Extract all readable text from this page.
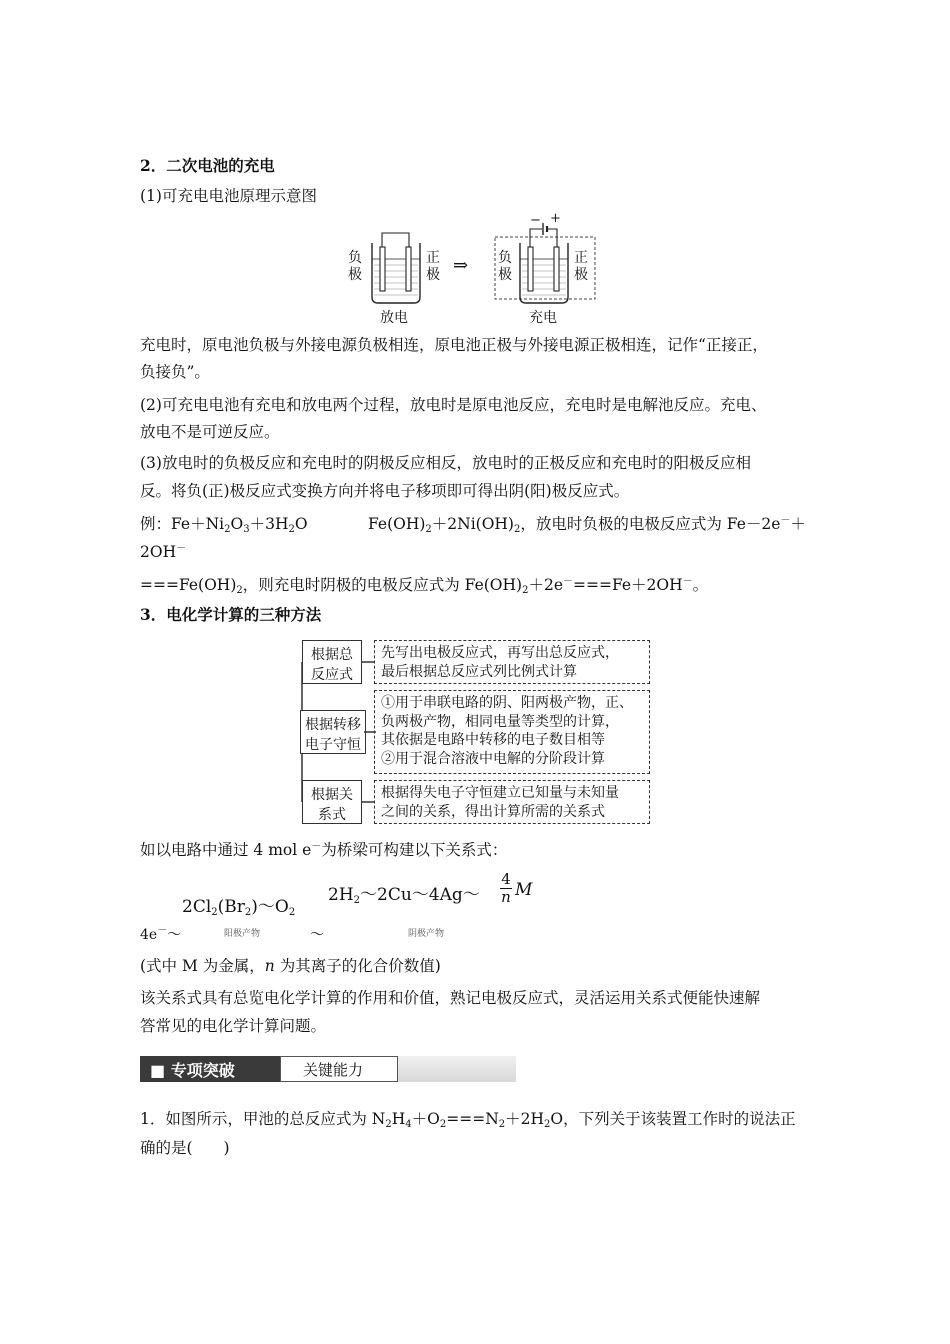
2．二次电池的充电
(1)可充电电池原理示意图
负
极
正
极 ⇒ 负
极
正
极
− +
放电	充电
充电时，原电池负极与外接电源负极相连，原电池正极与外接电源正极相连，记作“正接正，
负接负”。
(2)可充电电池有充电和放电两个过程，放电时是原电池反应，充电时是电解池反应。充电、
放电不是可逆反应。
(3)放电时的负极反应和充电时的阴极反应相反，放电时的正极反应和充电时的阳极反应相
反。将负(正)极反应式变换方向并将电子移项即可得出阴(阳)极反应式。
例：$Fe+Ni_2O_3+3H_2O$	$Fe(OH)_2+2Ni(OH)_2$，放电时负极的电极反应式为 Fe－2e－＋
2OH－
$===Fe(OH)_2$，则充电时阴极的电极反应式为 $Fe(OH)_2+2e^-===Fe+2OH^-$。
3．电化学计算的三种方法
根据总
反应式
先写出电极反应式，再写出总反应式，
最后根据总反应式列比例式计算
根据转移
电子守恒
①用于串联电路的阴、阳两极产物，正、
负两极产物，相同电量等类型的计算，
其依据是电路中转移的电子数目相等
②用于混合溶液中电解的分阶段计算
根据关
系式
根据得失电子守恒建立已知量与未知量
之间的关系，得出计算所需的关系式
如以电路中通过 4 mol e－为桥梁可构建以下关系式：
4e－～
$2Cl_2(Br_2)\sim O_2$
阳极产物	～
$2H_2\sim 2Cu\sim 4Ag\sim$
4
n M
阴极产物
(式中 M 为金属，n 为其离子的化合价数值)
该关系式具有总览电化学计算的作用和价值，熟记电极反应式，灵活运用关系式便能快速解
答常见的电化学计算问题。
■ 专项突破	关键能力
1．如图所示，甲池的总反应式为 $N_2H_4+O_2===N_2+2H_2O$，下列关于该装置工作时的说法正
确的是(　　)
